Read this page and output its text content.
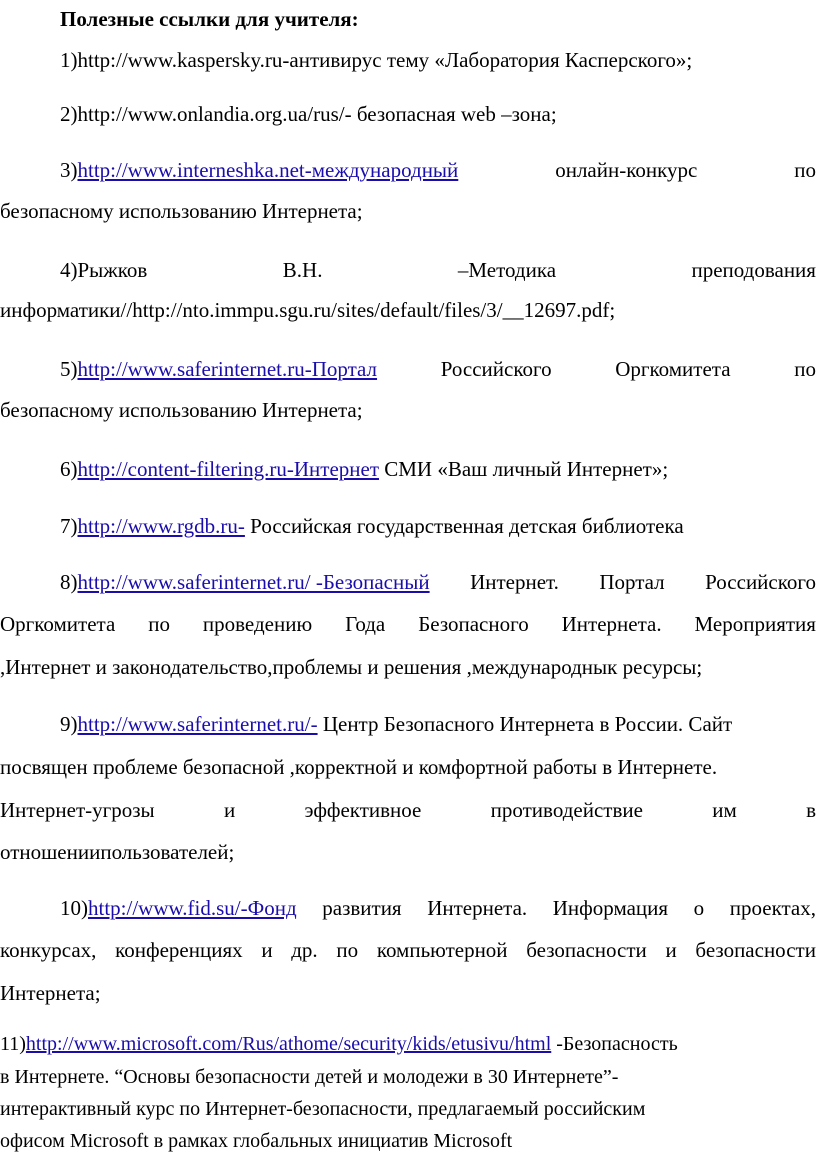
Полезные ссылки для учителя:
1)http://www.kaspersky.ru-антивирус тему «Лаборатория Касперского»;
2)http://www.onlandia.org.ua/rus/- безопасная web –зона;
3)http://www.interneshka.net-международный	онлайн-конкурс	по
безопасному использованию Интернета;
4)Рыжков	В.Н.	–Методика	преподования
информатики//http://nto.immpu.sgu.ru/sites/default/files/3/__12697.pdf;
5)http://www.saferinternet.ru-Портал	Российского	Оргкомитета	по
безопасному использованию Интернета;
6)http://content-filtering.ru-Интернет СМИ «Ваш личный Интернет»;
7)http://www.rgdb.ru- Российская государственная детская библиотека
8)http://www.saferinternet.ru/ -Безопасный Интернет. Портал Российского
Оргкомитета по проведению Года Безопасного Интернета. Мероприятия
,Интернет и законодательство,проблемы и решения ,международнык ресурсы;
9)http://www.saferinternet.ru/- Центр Безопасного Интернета в России. Сайт
посвящен проблеме безопасной ,корректной и комфортной работы в Интернете.
Интернет-угрозы	и	эффективное	противодействие	им	в
отношениипользователей;
10)http://www.fid.su/-Фонд развития Интернета. Информация о проектах,
конкурсах, конференциях и др. по компьютерной безопасности и безопасности
Интернета;
11)http://www.microsoft.com/Rus/athome/security/kids/etusivu/html -Безопасность
в Интернете. “Основы безопасности детей и молодежи в 30 Интернете”-
интерактивный курс по Интернет-безопасности, предлагаемый российским
офисом Microsoft в рамках глобальных инициатив Microsoft
